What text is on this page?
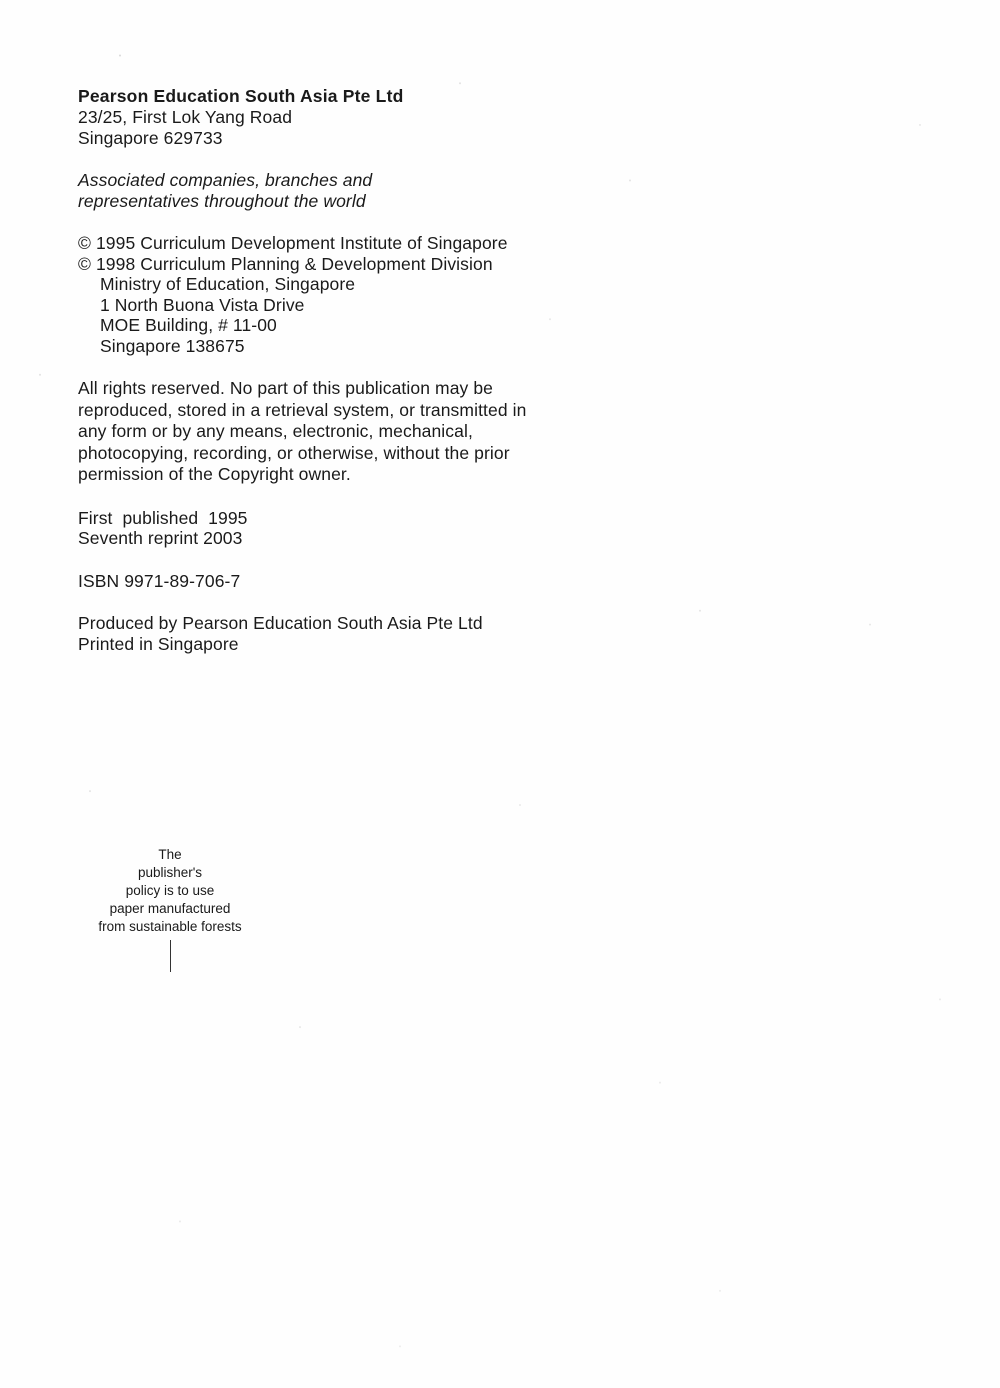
Pearson Education South Asia Pte Ltd
23/25, First Lok Yang Road
Singapore 629733
Associated companies, branches and
representatives throughout the world
© 1995 Curriculum Development Institute of Singapore
© 1998 Curriculum Planning & Development Division
Ministry of Education, Singapore
1 North Buona Vista Drive
MOE Building, # 11-00
Singapore 138675
All rights reserved. No part of this publication may be
reproduced, stored in a retrieval system, or transmitted in
any form or by any means, electronic, mechanical,
photocopying, recording, or otherwise, without the prior
permission of the Copyright owner.
First  published  1995
Seventh reprint 2003
ISBN 9971-89-706-7
Produced by Pearson Education South Asia Pte Ltd
Printed in Singapore
The
publisher's
policy is to use
paper manufactured
from sustainable forests
